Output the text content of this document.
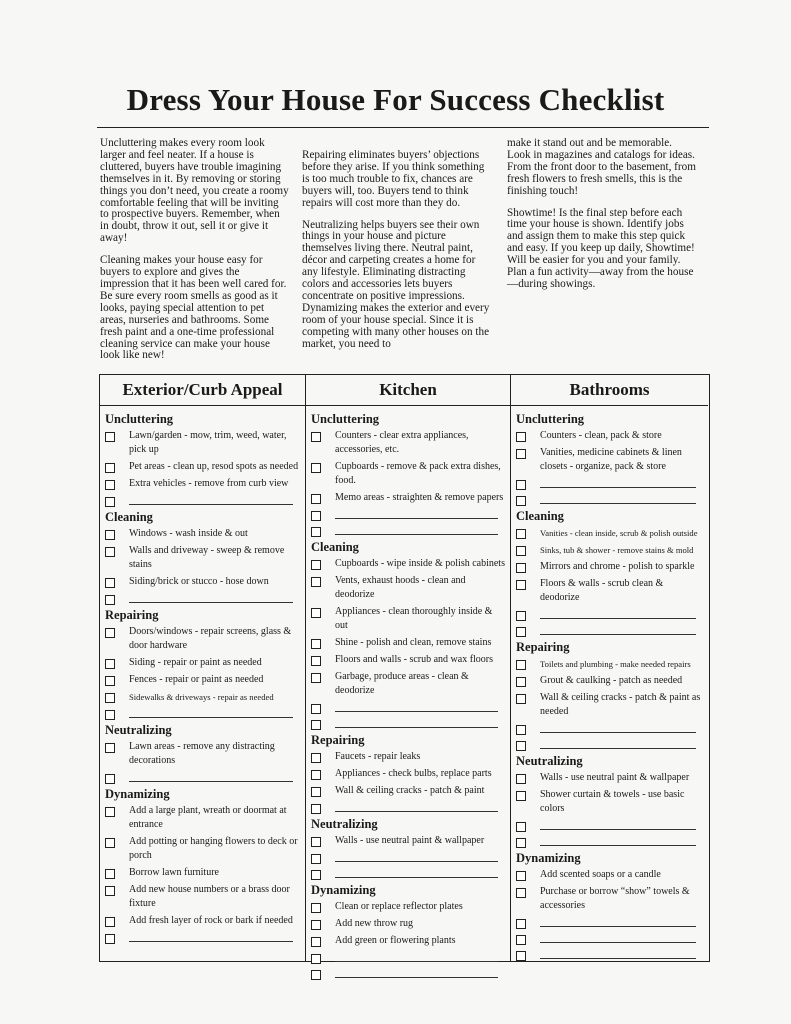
Dress Your House For Success Checklist

Uncluttering makes every room look larger and feel neater. If a house is cluttered, buyers have trouble imagining themselves in it. By removing or storing things you don’t need, you create a roomy comfortable feeling that will be inviting to prospective buyers. Remember, when in doubt, throw it out, sell it or give it away!

Cleaning makes your house easy for buyers to explore and gives the impression that it has been well cared for. Be sure every room smells as good as it looks, paying special attention to pet areas, nurseries and bathrooms. Some fresh paint and a one-time professional cleaning service can make your house look like new!

Repairing eliminates buyers’ objections before they arise. If you think something is too much trouble to fix, chances are buyers will, too. Buyers tend to think repairs will cost more than they do.

Neutralizing helps buyers see their own things in your house and picture themselves living there. Neutral paint, décor and carpeting creates a home for any lifestyle. Eliminating distracting colors and accessories lets buyers concentrate on positive impressions. Dynamizing makes the exterior and every room of your house special. Since it is competing with many other houses on the market, you need to

make it stand out and be memorable. Look in magazines and catalogs for ideas. From the front door to the basement, from fresh flowers to fresh smells, this is the finishing touch!

Showtime! Is the final step before each time your house is shown. Identify jobs and assign them to make this step quick and easy. If you keep up daily, Showtime! Will be easier for you and your family. Plan a fun activity—away from the house—during showings.

Exterior/Curb Appeal
Uncluttering
Lawn/garden - mow, trim, weed, water, pick up
Pet areas - clean up, resod spots as needed
Extra vehicles - remove from curb view
Cleaning
Windows - wash inside & out
Walls and driveway - sweep & remove stains
Siding/brick or stucco - hose down
Repairing
Doors/windows - repair screens, glass & door hardware
Siding - repair or paint as needed
Fences - repair or paint as needed
Sidewalks & driveways - repair as needed
Neutralizing
Lawn areas - remove any distracting decorations
Dynamizing
Add a large plant, wreath or doormat at entrance
Add potting or hanging flowers to deck or porch
Borrow lawn furniture
Add new house numbers or a brass door fixture
Add fresh layer of rock or bark if needed
Kitchen
Uncluttering
Counters - clear extra appliances, accessories, etc.
Cupboards - remove & pack extra dishes, food.
Memo areas - straighten & remove papers
Cleaning
Cupboards - wipe inside & polish cabinets
Vents, exhaust hoods - clean and deodorize
Appliances - clean thoroughly inside & out
Shine - polish and clean, remove stains
Floors and walls - scrub and wax floors
Garbage, produce areas - clean & deodorize
Repairing
Faucets - repair leaks
Appliances - check bulbs, replace parts
Wall & ceiling cracks - patch & paint
Neutralizing
Walls - use neutral paint & wallpaper
Dynamizing
Clean or replace reflector plates
Add new throw rug
Add green or flowering plants
Bathrooms
Uncluttering
Counters - clean, pack & store
Vanities, medicine cabinets & linen closets - organize, pack & store
Cleaning
Vanities - clean inside, scrub & polish outside
Sinks, tub & shower - remove stains & mold
Mirrors and chrome - polish to sparkle
Floors & walls - scrub clean & deodorize
Repairing
Toilets and plumbing - make needed repairs
Grout & caulking - patch as needed
Wall & ceiling cracks - patch & paint as needed
Neutralizing
Walls - use neutral paint & wallpaper
Shower curtain & towels - use basic colors
Dynamizing
Add scented soaps or a candle
Purchase or borrow “show” towels & accessories
